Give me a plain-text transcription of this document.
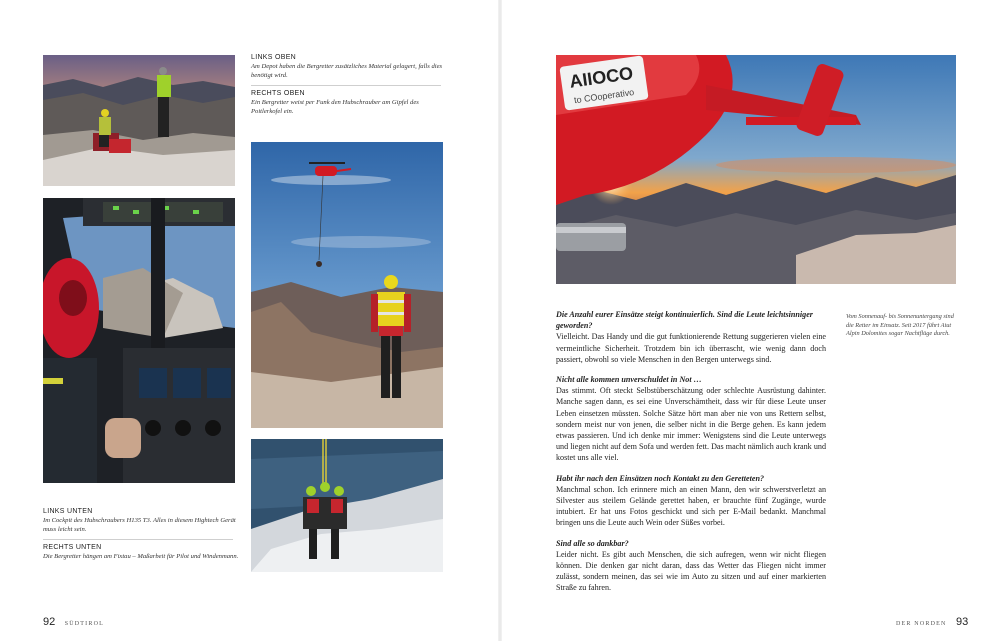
LINKS OBEN

Am Depot haben die Bergretter zusätzliches Material gelagert, falls dies benötigt wird.

RECHTS OBEN

Ein Bergretter weist per Funk den Hubschrauber am Gipfel des Poitlerkofel ein.

LINKS UNTEN

Im Cockpit des Hubschraubers H135 T3. Alles in diesem Hightech Gerät muss leicht sein.

RECHTS UNTEN

Die Bergretter hängen am Fixtau – Maßarbeit für Pilot und Windenmann.

AIIOCO
to COoperativo
Vom Sonnenauf- bis Sonnenuntergang sind die Retter im Einsatz. Seit 2017 führt Aiut Alpin Dolomites sogar Nachtflüge durch.

Die Anzahl eurer Einsätze steigt kontinuierlich. Sind die Leute leichtsinniger geworden?

Vielleicht. Das Handy und die gut funktionierende Rettung suggerieren vielen eine vermeintliche Sicherheit. Trotzdem bin ich überrascht, wie wenig dann doch passiert, obwohl so viele Menschen in den Bergen unterwegs sind.

Nicht alle kommen unverschuldet in Not …

Das stimmt. Oft steckt Selbstüberschätzung oder schlechte Ausrüstung dahinter. Manche sagen dann, es sei eine Unverschämtheit, dass wir für diese Leute unser Leben einsetzen müssten. Solche Sätze hört man aber nie von uns Rettern selbst, sondern meist nur von jenen, die selber nicht in die Berge gehen. Es kann jedem etwas passieren. Und ich denke mir immer: Wenigstens sind die Leute unterwegs und liegen nicht auf dem Sofa und werden fett. Das macht nämlich auch krank und kostet uns alle viel.

Habt ihr nach den Einsätzen noch Kontakt zu den Geretteten?

Manchmal schon. Ich erinnere mich an einen Mann, den wir schwerstverletzt an Silvester aus steilem Gelände gerettet haben, er brauchte fünf Zugänge, wurde intubiert. Er hat uns Fotos geschickt und sich per E-Mail bedankt. Manchmal bringen uns die Leute auch Wein oder Süßes vorbei.

Sind alle so dankbar?

Leider nicht. Es gibt auch Menschen, die sich aufregen, wenn wir nicht fliegen können. Die denken gar nicht daran, dass das Wetter das Fliegen nicht immer zulässt, sondern meinen, das sei wie im Auto zu sitzen und auf einer markierten Straße zu fahren.

92 SÜDTIROL	DER NORDEN 93
